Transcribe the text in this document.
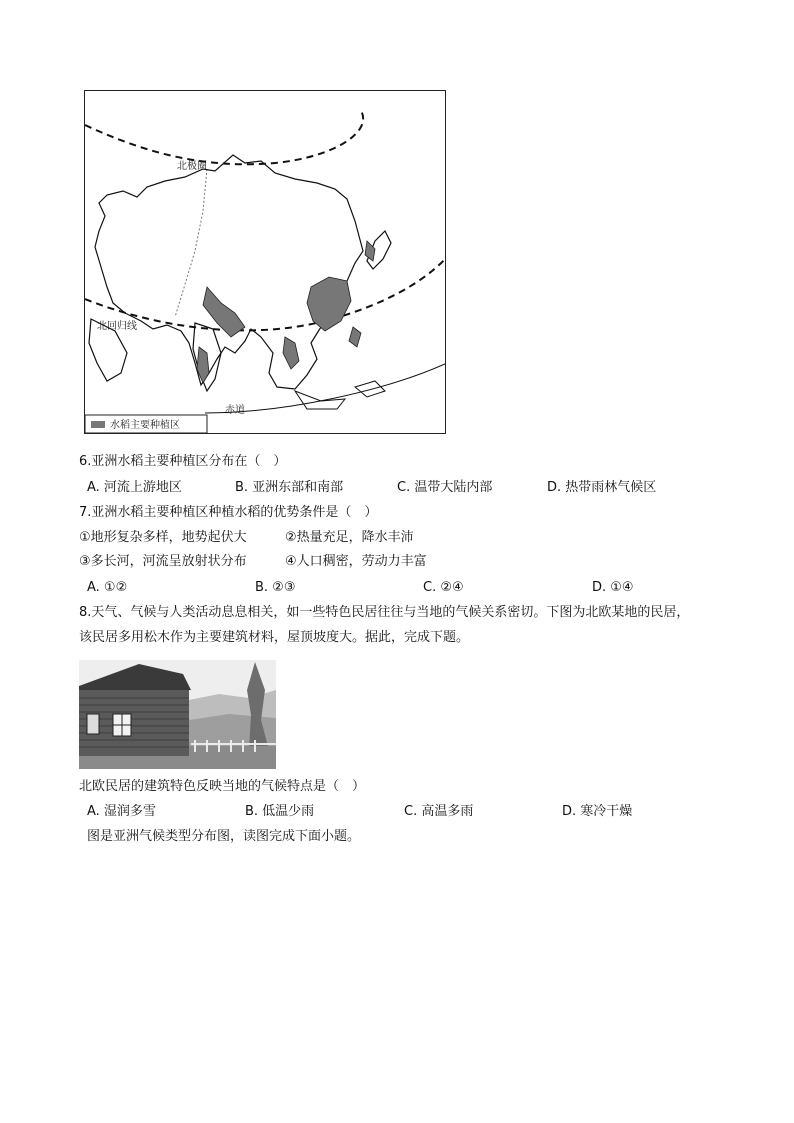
北极圈
北回归线
赤道
水稻主要种植区
6.亚洲水稻主要种植区分布在（　）
A. 河流上游地区	B. 亚洲东部和南部	C. 温带大陆内部	D. 热带雨林气候区
7.亚洲水稻主要种植区种植水稻的优势条件是（　）
①地形复杂多样，地势起伏大	②热量充足，降水丰沛
③多长河，河流呈放射状分布	④人口稠密，劳动力丰富
A. ①②	B. ②③	C. ②④	D. ①④
8.天气、气候与人类活动息息相关，如一些特色民居往往与当地的气候关系密切。下图为北欧某地的民居，
该民居多用松木作为主要建筑材料，屋顶坡度大。据此，完成下题。
北欧民居的建筑特色反映当地的气候特点是（　）
A. 湿润多雪	B. 低温少雨	C. 高温多雨	D. 寒冷干燥
图是亚洲气候类型分布图，读图完成下面小题。
